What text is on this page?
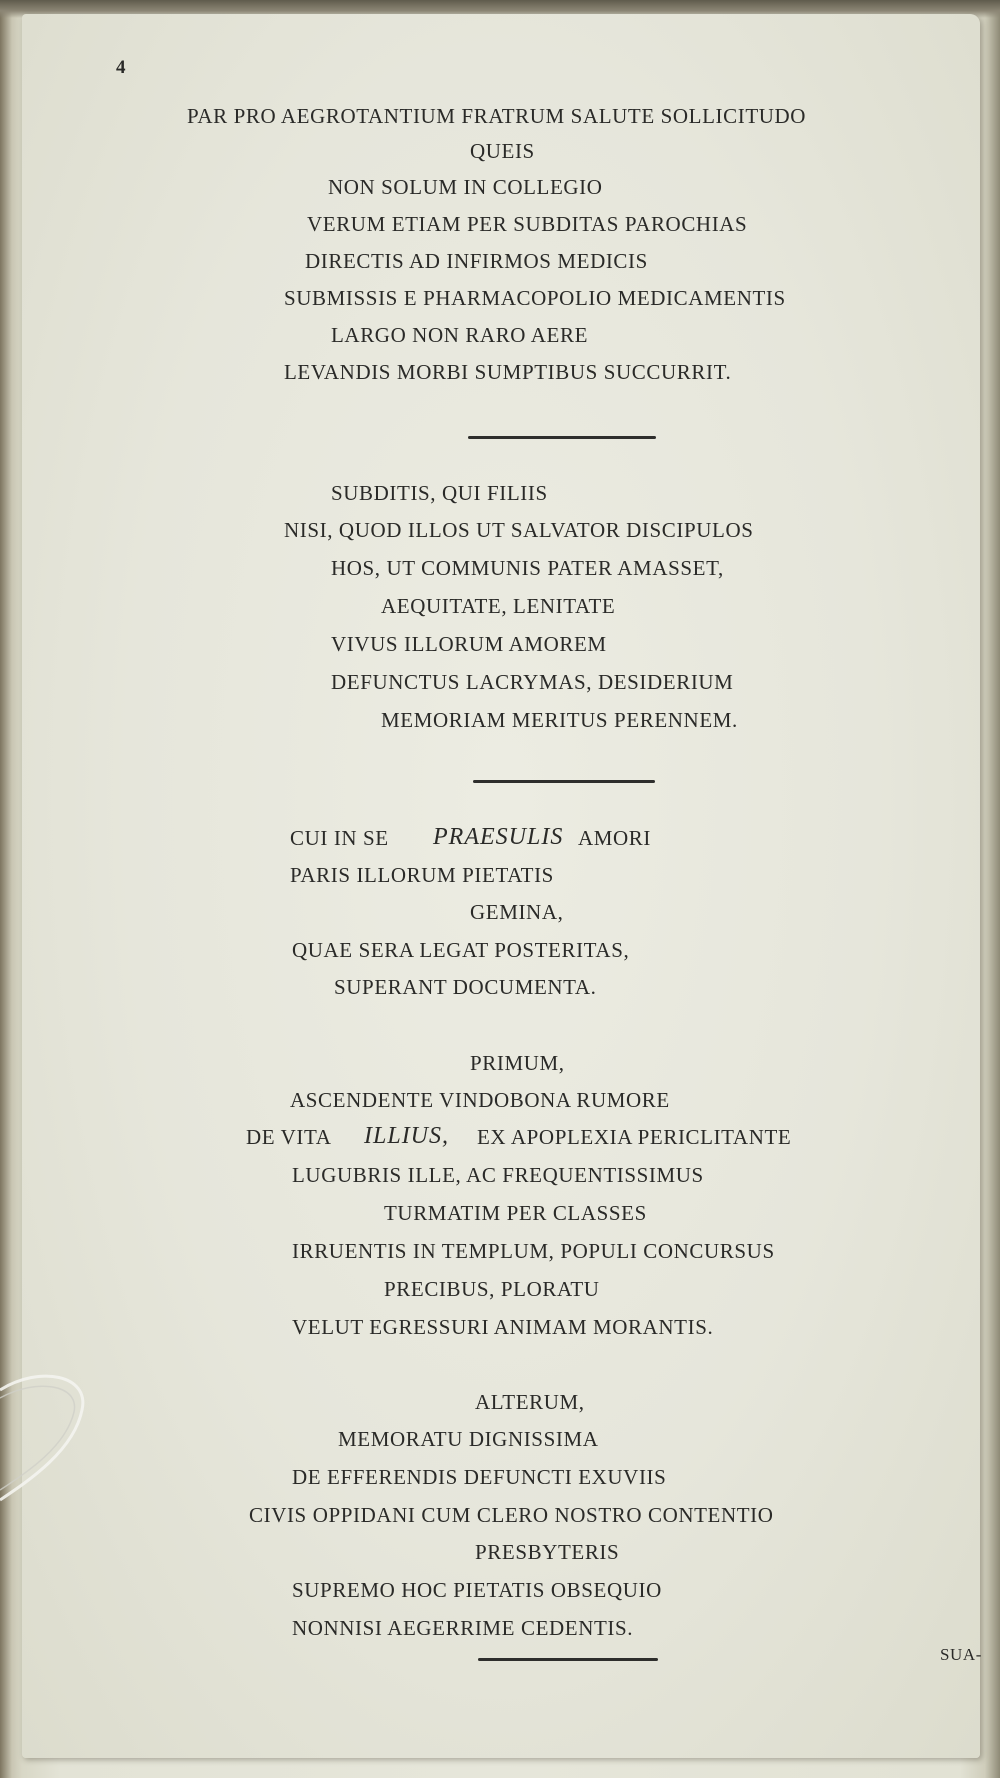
4
PAR PRO AEGROTANTIUM FRATRUM SALUTE SOLLICITUDO
QUEIS
NON SOLUM IN COLLEGIO
VERUM ETIAM PER SUBDITAS PAROCHIAS
DIRECTIS AD INFIRMOS MEDICIS
SUBMISSIS E PHARMACOPOLIO MEDICAMENTIS
LARGO NON RARO AERE
LEVANDIS MORBI SUMPTIBUS SUCCURRIT.
SUBDITIS, QUI FILIIS
NISI, QUOD ILLOS UT SALVATOR DISCIPULOS
HOS, UT COMMUNIS PATER AMASSET,
AEQUITATE, LENITATE
VIVUS ILLORUM AMOREM
DEFUNCTUS LACRYMAS, DESIDERIUM
MEMORIAM MERITUS PERENNEM.
CUI IN SE PRAESULIS AMORI
PARIS ILLORUM PIETATIS
GEMINA,
QUAE SERA LEGAT POSTERITAS,
SUPERANT DOCUMENTA.
PRIMUM,
ASCENDENTE VINDOBONA RUMORE
DE VITA ILLIUS, EX APOPLEXIA PERICLITANTE
LUGUBRIS ILLE, AC FREQUENTISSIMUS
TURMATIM PER CLASSES
IRRUENTIS IN TEMPLUM, POPULI CONCURSUS
PRECIBUS, PLORATU
VELUT EGRESSURI ANIMAM MORANTIS.
ALTERUM,
MEMORATU DIGNISSIMA
DE EFFERENDIS DEFUNCTI EXUVIIS
CIVIS OPPIDANI CUM CLERO NOSTRO CONTENTIO
PRESBYTERIS
SUPREMO HOC PIETATIS OBSEQUIO
NONNISI AEGERRIME CEDENTIS.
SUA-
